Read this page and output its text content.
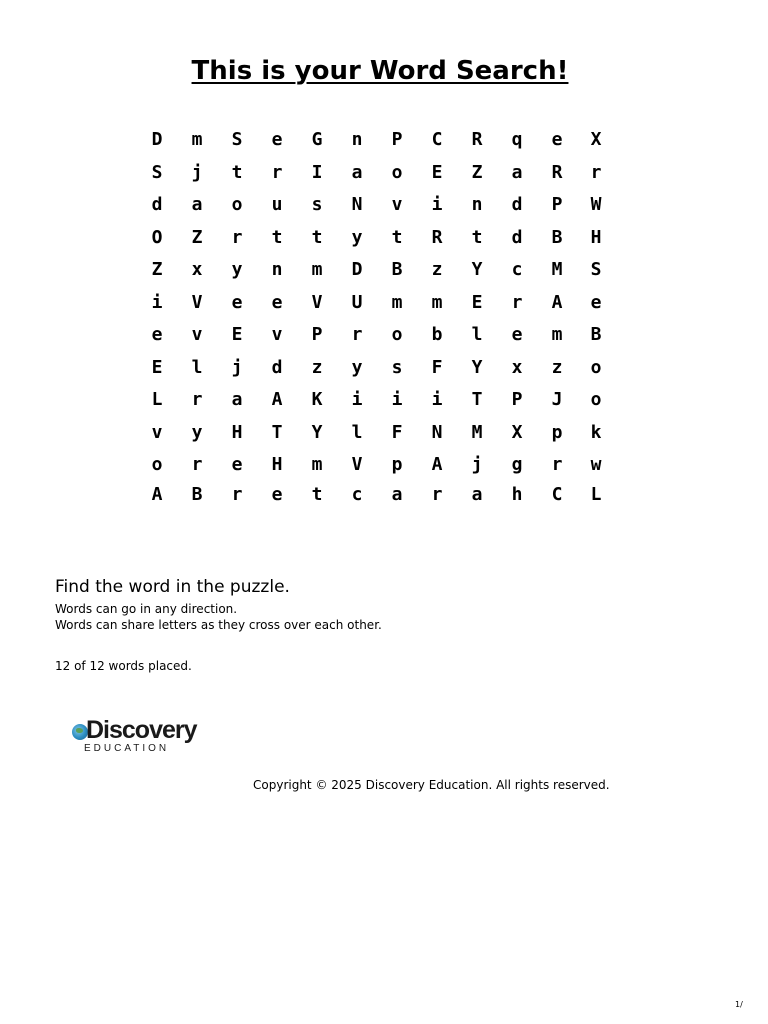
This is your Word Search!
D	m	S	e	G	n	P	C	R	q	e	X
S	j	t	r	I	a	o	E	Z	a	R	r
d	a	o	u	s	N	v	i	n	d	P	W
O	Z	r	t	t	y	t	R	t	d	B	H
Z	x	y	n	m	D	B	z	Y	c	M	S
i	V	e	e	V	U	m	m	E	r	A	e
e	v	E	v	P	r	o	b	l	e	m	B
E	l	j	d	z	y	s	F	Y	x	z	o
L	r	a	A	K	i	i	i	T	P	J	o
v	y	H	T	Y	l	F	N	M	X	p	k
o	r	e	H	m	V	p	A	j	g	r	w
A	B	r	e	t	c	a	r	a	h	C	L
Find the word in the puzzle.
Words can go in any direction.
Words can share letters as they cross over each other.
12 of 12 words placed.
Discovery
EDUCATION
Copyright © 2025 Discovery Education. All rights reserved.
1/
